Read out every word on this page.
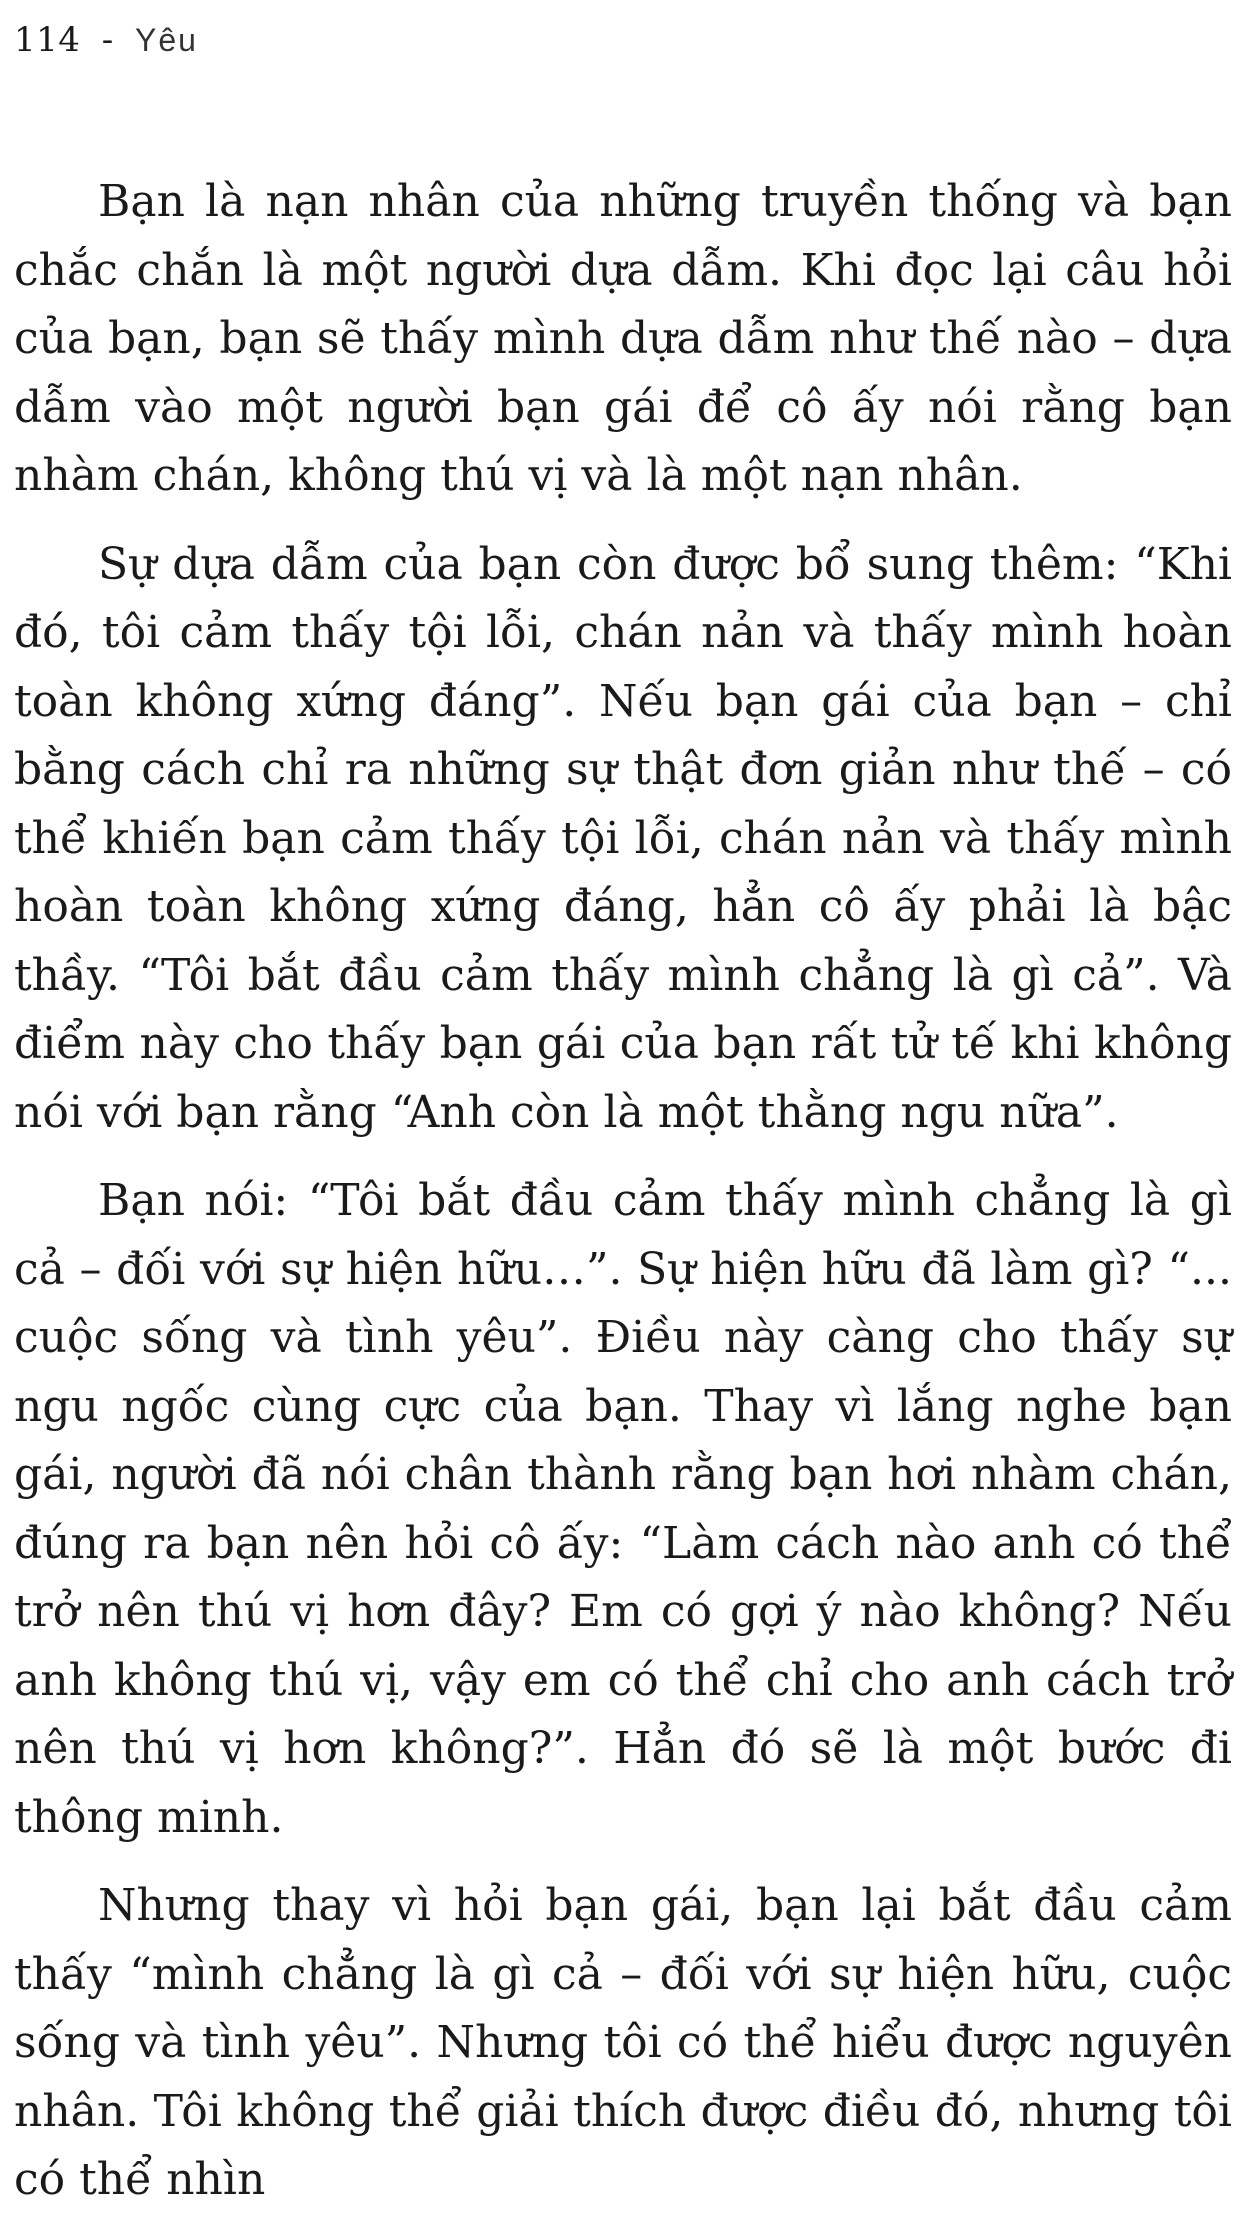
114 - Yêu

Bạn là nạn nhân của những truyền thống và bạn chắc chắn là một người dựa dẫm. Khi đọc lại câu hỏi của bạn, bạn sẽ thấy mình dựa dẫm như thế nào – dựa dẫm vào một người bạn gái để cô ấy nói rằng bạn nhàm chán, không thú vị và là một nạn nhân.

Sự dựa dẫm của bạn còn được bổ sung thêm: “Khi đó, tôi cảm thấy tội lỗi, chán nản và thấy mình hoàn toàn không xứng đáng”. Nếu bạn gái của bạn – chỉ bằng cách chỉ ra những sự thật đơn giản như thế – có thể khiến bạn cảm thấy tội lỗi, chán nản và thấy mình hoàn toàn không xứng đáng, hẳn cô ấy phải là bậc thầy. “Tôi bắt đầu cảm thấy mình chẳng là gì cả”. Và điểm này cho thấy bạn gái của bạn rất tử tế khi không nói với bạn rằng “Anh còn là một thằng ngu nữa”.

Bạn nói: “Tôi bắt đầu cảm thấy mình chẳng là gì cả – đối với sự hiện hữu…”. Sự hiện hữu đã làm gì? “... cuộc sống và tình yêu”. Điều này càng cho thấy sự ngu ngốc cùng cực của bạn. Thay vì lắng nghe bạn gái, người đã nói chân thành rằng bạn hơi nhàm chán, đúng ra bạn nên hỏi cô ấy: “Làm cách nào anh có thể trở nên thú vị hơn đây? Em có gợi ý nào không? Nếu anh không thú vị, vậy em có thể chỉ cho anh cách trở nên thú vị hơn không?”. Hẳn đó sẽ là một bước đi thông minh.

Nhưng thay vì hỏi bạn gái, bạn lại bắt đầu cảm thấy “mình chẳng là gì cả – đối với sự hiện hữu, cuộc sống và tình yêu”. Nhưng tôi có thể hiểu được nguyên nhân. Tôi không thể giải thích được điều đó, nhưng tôi có thể nhìn
